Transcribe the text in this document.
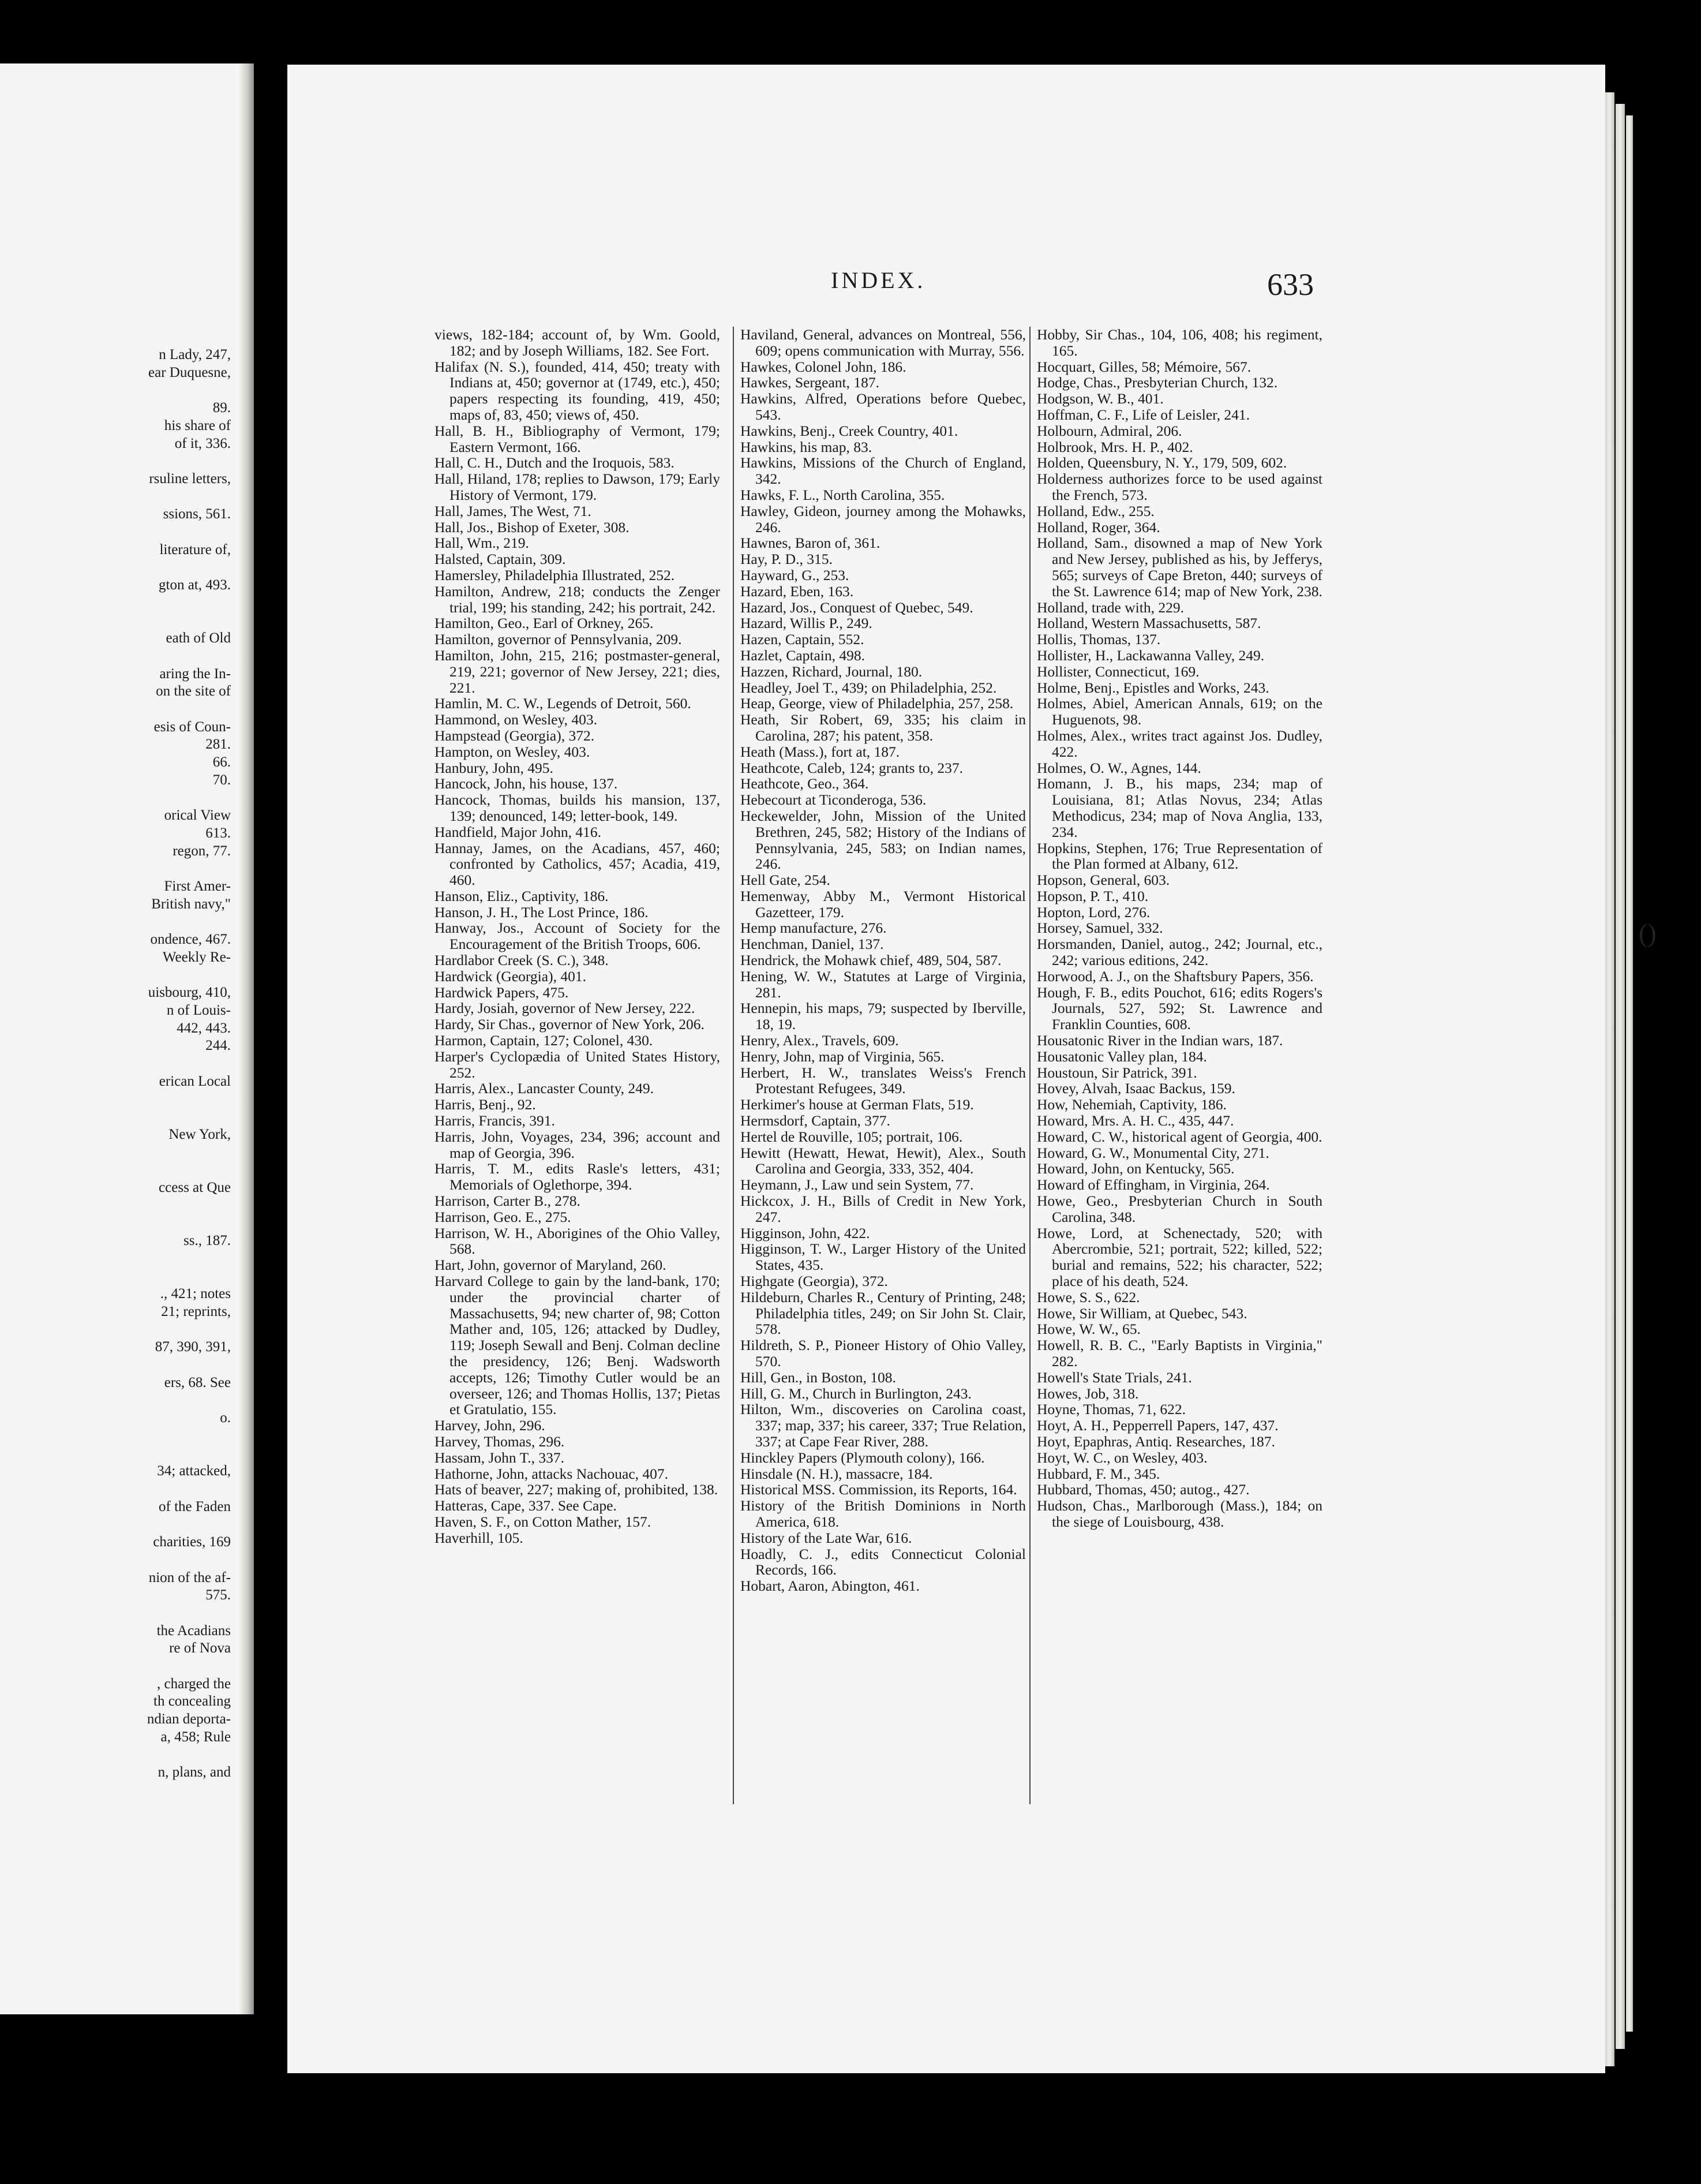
n Lady, 247,
ear Duquesne,

89.
his share of
of it, 336.

rsuline letters,

ssions, 561.

literature of,

gton at, 493.

eath of Old

aring the In-
on the site of

esis of Coun-
281.
66.
70.

orical View
613.
regon, 77.

First Amer-
British navy,"

ondence, 467.
Weekly Re-

uisbourg, 410,
n of Louis-
442, 443.
244.

erican Local

New York,

ccess at Que

ss., 187.

., 421; notes
21; reprints,

87, 390, 391,

ers, 68. See

o.

34; attacked,

of the Faden

charities, 169

nion of the af-
575.

the Acadians
re of Nova

, charged the
th concealing
ndian deporta-
a, 458; Rule

n, plans, and
INDEX.	633
views, 182-184; account of, by Wm. Goold, 182; and by Joseph Williams, 182. See Fort.
Halifax (N. S.), founded, 414, 450; treaty with Indians at, 450; governor at (1749, etc.), 450; papers respecting its founding, 419, 450; maps of, 83, 450; views of, 450.
Hall, B. H., Bibliography of Vermont, 179; Eastern Vermont, 166.
Hall, C. H., Dutch and the Iroquois, 583.
Hall, Hiland, 178; replies to Dawson, 179; Early History of Vermont, 179.
Hall, James, The West, 71.
Hall, Jos., Bishop of Exeter, 308.
Hall, Wm., 219.
Halsted, Captain, 309.
Hamersley, Philadelphia Illustrated, 252.
Hamilton, Andrew, 218; conducts the Zenger trial, 199; his standing, 242; his portrait, 242.
Hamilton, Geo., Earl of Orkney, 265.
Hamilton, governor of Pennsylvania, 209.
Hamilton, John, 215, 216; postmaster-general, 219, 221; governor of New Jersey, 221; dies, 221.
Hamlin, M. C. W., Legends of Detroit, 560.
Hammond, on Wesley, 403.
Hampstead (Georgia), 372.
Hampton, on Wesley, 403.
Hanbury, John, 495.
Hancock, John, his house, 137.
Hancock, Thomas, builds his mansion, 137, 139; denounced, 149; letter-book, 149.
Handfield, Major John, 416.
Hannay, James, on the Acadians, 457, 460; confronted by Catholics, 457; Acadia, 419, 460.
Hanson, Eliz., Captivity, 186.
Hanson, J. H., The Lost Prince, 186.
Hanway, Jos., Account of Society for the Encouragement of the British Troops, 606.
Hardlabor Creek (S. C.), 348.
Hardwick (Georgia), 401.
Hardwick Papers, 475.
Hardy, Josiah, governor of New Jersey, 222.
Hardy, Sir Chas., governor of New York, 206.
Harmon, Captain, 127; Colonel, 430.
Harper's Cyclopædia of United States History, 252.
Harris, Alex., Lancaster County, 249.
Harris, Benj., 92.
Harris, Francis, 391.
Harris, John, Voyages, 234, 396; account and map of Georgia, 396.
Harris, T. M., edits Rasle's letters, 431; Memorials of Oglethorpe, 394.
Harrison, Carter B., 278.
Harrison, Geo. E., 275.
Harrison, W. H., Aborigines of the Ohio Valley, 568.
Hart, John, governor of Maryland, 260.
Harvard College to gain by the land-bank, 170; under the provincial charter of Massachusetts, 94; new charter of, 98; Cotton Mather and, 105, 126; attacked by Dudley, 119; Joseph Sewall and Benj. Colman decline the presidency, 126; Benj. Wadsworth accepts, 126; Timothy Cutler would be an overseer, 126; and Thomas Hollis, 137; Pietas et Gratulatio, 155.
Harvey, John, 296.
Harvey, Thomas, 296.
Hassam, John T., 337.
Hathorne, John, attacks Nachouac, 407.
Hats of beaver, 227; making of, prohibited, 138.
Hatteras, Cape, 337. See Cape.
Haven, S. F., on Cotton Mather, 157.
Haverhill, 105.
Haviland, General, advances on Montreal, 556, 609; opens communication with Murray, 556.
Hawkes, Colonel John, 186.
Hawkes, Sergeant, 187.
Hawkins, Alfred, Operations before Quebec, 543.
Hawkins, Benj., Creek Country, 401.
Hawkins, his map, 83.
Hawkins, Missions of the Church of England, 342.
Hawks, F. L., North Carolina, 355.
Hawley, Gideon, journey among the Mohawks, 246.
Hawnes, Baron of, 361.
Hay, P. D., 315.
Hayward, G., 253.
Hazard, Eben, 163.
Hazard, Jos., Conquest of Quebec, 549.
Hazard, Willis P., 249.
Hazen, Captain, 552.
Hazlet, Captain, 498.
Hazzen, Richard, Journal, 180.
Headley, Joel T., 439; on Philadelphia, 252.
Heap, George, view of Philadelphia, 257, 258.
Heath, Sir Robert, 69, 335; his claim in Carolina, 287; his patent, 358.
Heath (Mass.), fort at, 187.
Heathcote, Caleb, 124; grants to, 237.
Heathcote, Geo., 364.
Hebecourt at Ticonderoga, 536.
Heckewelder, John, Mission of the United Brethren, 245, 582; History of the Indians of Pennsylvania, 245, 583; on Indian names, 246.
Hell Gate, 254.
Hemenway, Abby M., Vermont Historical Gazetteer, 179.
Hemp manufacture, 276.
Henchman, Daniel, 137.
Hendrick, the Mohawk chief, 489, 504, 587.
Hening, W. W., Statutes at Large of Virginia, 281.
Hennepin, his maps, 79; suspected by Iberville, 18, 19.
Henry, Alex., Travels, 609.
Henry, John, map of Virginia, 565.
Herbert, H. W., translates Weiss's French Protestant Refugees, 349.
Herkimer's house at German Flats, 519.
Hermsdorf, Captain, 377.
Hertel de Rouville, 105; portrait, 106.
Hewitt (Hewatt, Hewat, Hewit), Alex., South Carolina and Georgia, 333, 352, 404.
Heymann, J., Law und sein System, 77.
Hickcox, J. H., Bills of Credit in New York, 247.
Higginson, John, 422.
Higginson, T. W., Larger History of the United States, 435.
Highgate (Georgia), 372.
Hildeburn, Charles R., Century of Printing, 248; Philadelphia titles, 249; on Sir John St. Clair, 578.
Hildreth, S. P., Pioneer History of Ohio Valley, 570.
Hill, Gen., in Boston, 108.
Hill, G. M., Church in Burlington, 243.
Hilton, Wm., discoveries on Carolina coast, 337; map, 337; his career, 337; True Relation, 337; at Cape Fear River, 288.
Hinckley Papers (Plymouth colony), 166.
Hinsdale (N. H.), massacre, 184.
Historical MSS. Commission, its Reports, 164.
History of the British Dominions in North America, 618.
History of the Late War, 616.
Hoadly, C. J., edits Connecticut Colonial Records, 166.
Hobart, Aaron, Abington, 461.
Hobby, Sir Chas., 104, 106, 408; his regiment, 165.
Hocquart, Gilles, 58; Mémoire, 567.
Hodge, Chas., Presbyterian Church, 132.
Hodgson, W. B., 401.
Hoffman, C. F., Life of Leisler, 241.
Holbourn, Admiral, 206.
Holbrook, Mrs. H. P., 402.
Holden, Queensbury, N. Y., 179, 509, 602.
Holderness authorizes force to be used against the French, 573.
Holland, Edw., 255.
Holland, Roger, 364.
Holland, Sam., disowned a map of New York and New Jersey, published as his, by Jefferys, 565; surveys of Cape Breton, 440; surveys of the St. Lawrence 614; map of New York, 238.
Holland, trade with, 229.
Holland, Western Massachusetts, 587.
Hollis, Thomas, 137.
Hollister, H., Lackawanna Valley, 249.
Hollister, Connecticut, 169.
Holme, Benj., Epistles and Works, 243.
Holmes, Abiel, American Annals, 619; on the Huguenots, 98.
Holmes, Alex., writes tract against Jos. Dudley, 422.
Holmes, O. W., Agnes, 144.
Homann, J. B., his maps, 234; map of Louisiana, 81; Atlas Novus, 234; Atlas Methodicus, 234; map of Nova Anglia, 133, 234.
Hopkins, Stephen, 176; True Representation of the Plan formed at Albany, 612.
Hopson, General, 603.
Hopson, P. T., 410.
Hopton, Lord, 276.
Horsey, Samuel, 332.
Horsmanden, Daniel, autog., 242; Journal, etc., 242; various editions, 242.
Horwood, A. J., on the Shaftsbury Papers, 356.
Hough, F. B., edits Pouchot, 616; edits Rogers's Journals, 527, 592; St. Lawrence and Franklin Counties, 608.
Housatonic River in the Indian wars, 187.
Housatonic Valley plan, 184.
Houstoun, Sir Patrick, 391.
Hovey, Alvah, Isaac Backus, 159.
How, Nehemiah, Captivity, 186.
Howard, Mrs. A. H. C., 435, 447.
Howard, C. W., historical agent of Georgia, 400.
Howard, G. W., Monumental City, 271.
Howard, John, on Kentucky, 565.
Howard of Effingham, in Virginia, 264.
Howe, Geo., Presbyterian Church in South Carolina, 348.
Howe, Lord, at Schenectady, 520; with Abercrombie, 521; portrait, 522; killed, 522; burial and remains, 522; his character, 522; place of his death, 524.
Howe, S. S., 622.
Howe, Sir William, at Quebec, 543.
Howe, W. W., 65.
Howell, R. B. C., "Early Baptists in Virginia," 282.
Howell's State Trials, 241.
Howes, Job, 318.
Hoyne, Thomas, 71, 622.
Hoyt, A. H., Pepperrell Papers, 147, 437.
Hoyt, Epaphras, Antiq. Researches, 187.
Hoyt, W. C., on Wesley, 403.
Hubbard, F. M., 345.
Hubbard, Thomas, 450; autog., 427.
Hudson, Chas., Marlborough (Mass.), 184; on the siege of Louisbourg, 438.
()
